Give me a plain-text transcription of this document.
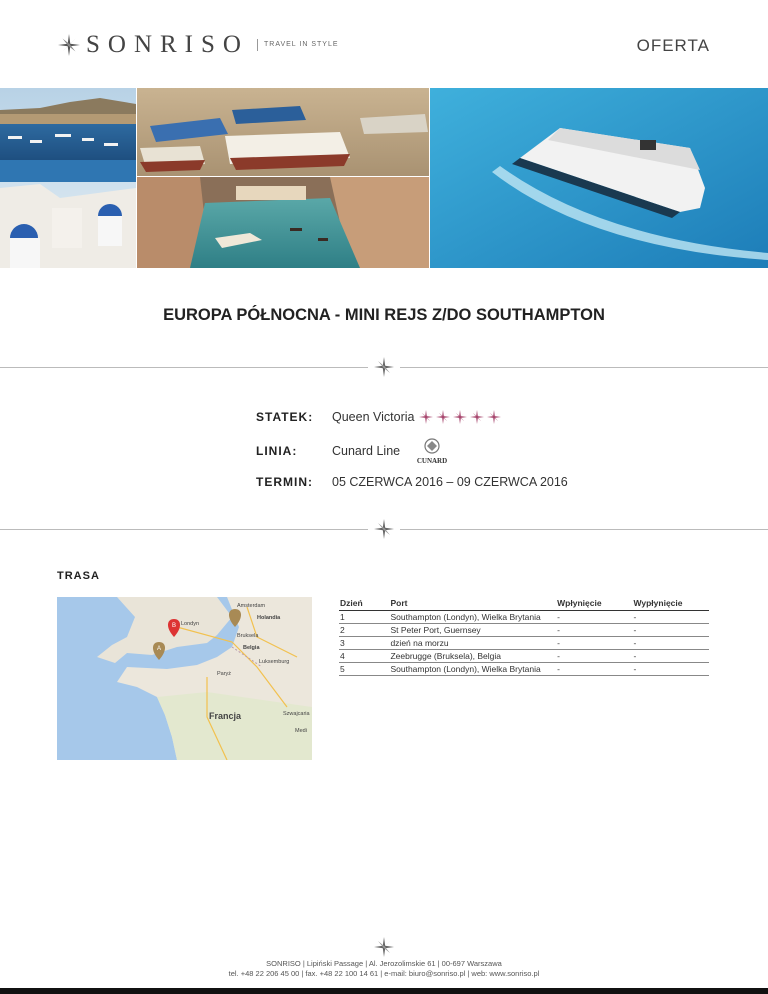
SONRISO	TRAVEL IN STYLE	OFERTA
EUROPA PÓŁNOCNA - MINI REJS Z/DO SOUTHAMPTON
STATEK:	Queen Victoria
LINIA:	Cunard Line
CUNARD
TERMIN:	05 CZERWCA 2016 – 09 CZERWCA 2016
TRASA
B
A
Amsterdam
Holandia
Londyn
Bruksela
Belgia
Luksemburg
Paryż
Francja	Szwajcaria
Medi
Dzień	Port	Wpłynięcie	Wypłynięcie
1	Southampton (Londyn), Wielka Brytania	-	-
2	St Peter Port, Guernsey	-	-
3	dzień na morzu	-	-
4	Zeebrugge (Bruksela), Belgia	-	-
5	Southampton (Londyn), Wielka Brytania	-	-
SONRISO | Lipiński Passage | Al. Jerozolimskie 61 | 00-697 Warszawa
tel. +48 22 206 45 00 | fax. +48 22 100 14 61 | e-mail: biuro@sonriso.pl | web: www.sonriso.pl
